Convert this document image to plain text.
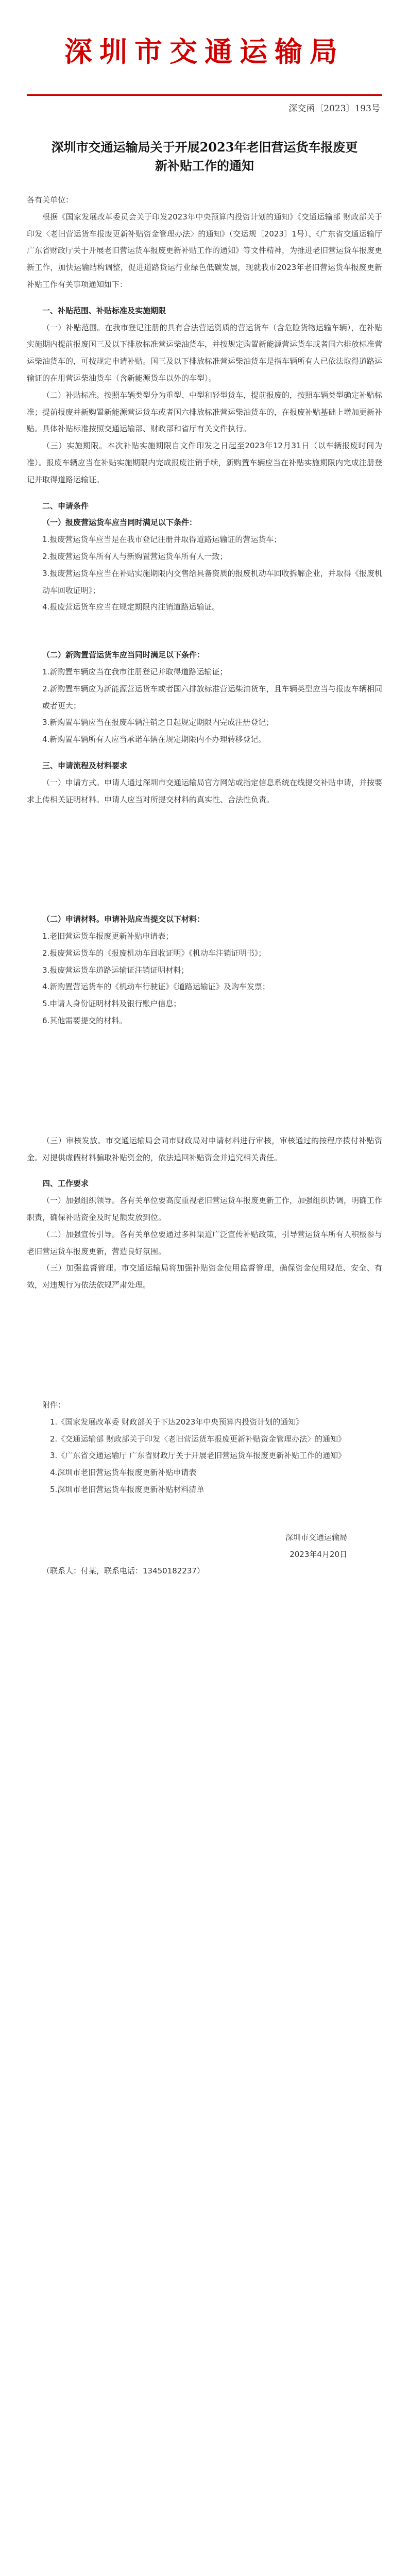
深圳市交通运输局
深交函〔2023〕193号
深圳市交通运输局关于开展2023年老旧营运货车报废更新补贴工作的通知

各有关单位：

根据《国家发展改革委员会关于印发2023年中央预算内投资计划的通知》《交通运输部 财政部关于印发〈老旧营运货车报废更新补贴资金管理办法〉的通知》（交运规〔2023〕1号）、《广东省交通运输厅 广东省财政厅关于开展老旧营运货车报废更新补贴工作的通知》等文件精神，为推进老旧营运货车报废更新工作，加快运输结构调整，促进道路货运行业绿色低碳发展，现就我市2023年老旧营运货车报废更新补贴工作有关事项通知如下：

一、补贴范围、补贴标准及实施期限

（一）补贴范围。在我市登记注册的具有合法营运资质的营运货车（含危险货物运输车辆），在补贴实施期内提前报废国三及以下排放标准营运柴油货车，并按规定购置新能源营运货车或者国六排放标准营运柴油货车的，可按规定申请补贴。国三及以下排放标准营运柴油货车是指车辆所有人已依法取得道路运输证的在用营运柴油货车（含新能源货车以外的车型）。

（二）补贴标准。按照车辆类型分为重型、中型和轻型货车，提前报废的，按照车辆类型确定补贴标准；提前报废并新购置新能源营运货车或者国六排放标准营运柴油货车的，在报废补贴基础上增加更新补贴。具体补贴标准按照交通运输部、财政部和省厅有关文件执行。

（三）实施期限。本次补贴实施期限自文件印发之日起至2023年12月31日（以车辆报废时间为准）。报废车辆应当在补贴实施期限内完成报废注销手续，新购置车辆应当在补贴实施期限内完成注册登记并取得道路运输证。

二、申请条件

（一）报废营运货车应当同时满足以下条件：

1.报废营运货车应当是在我市登记注册并取得道路运输证的营运货车；

2.报废营运货车所有人与新购置营运货车所有人一致；

3.报废营运货车应当在补贴实施期限内交售给具备资质的报废机动车回收拆解企业，并取得《报废机动车回收证明》；

4.报废营运货车应当在规定期限内注销道路运输证。

（二）新购置营运货车应当同时满足以下条件：

1.新购置车辆应当在我市注册登记并取得道路运输证；

2.新购置车辆应为新能源营运货车或者国六排放标准营运柴油货车，且车辆类型应当与报废车辆相同或者更大；

3.新购置车辆应当在报废车辆注销之日起规定期限内完成注册登记；

4.新购置车辆所有人应当承诺车辆在规定期限内不办理转移登记。

三、申请流程及材料要求

（一）申请方式。申请人通过深圳市交通运输局官方网站或指定信息系统在线提交补贴申请，并按要求上传相关证明材料。申请人应当对所提交材料的真实性、合法性负责。

（二）申请材料。申请补贴应当提交以下材料：

1.老旧营运货车报废更新补贴申请表；

2.报废营运货车的《报废机动车回收证明》《机动车注销证明书》；

3.报废营运货车道路运输证注销证明材料；

4.新购置营运货车的《机动车行驶证》《道路运输证》及购车发票；

5.申请人身份证明材料及银行账户信息；

6.其他需要提交的材料。

（三）审核发放。市交通运输局会同市财政局对申请材料进行审核，审核通过的按程序拨付补贴资金。对提供虚假材料骗取补贴资金的，依法追回补贴资金并追究相关责任。

四、工作要求

（一）加强组织领导。各有关单位要高度重视老旧营运货车报废更新工作，加强组织协调，明确工作职责，确保补贴资金及时足额发放到位。

（二）加强宣传引导。各有关单位要通过多种渠道广泛宣传补贴政策，引导营运货车所有人积极参与老旧营运货车报废更新，营造良好氛围。

（三）加强监督管理。市交通运输局将加强补贴资金使用监督管理，确保资金使用规范、安全、有效，对违规行为依法依规严肃处理。

附件：

1.《国家发展改革委 财政部关于下达2023年中央预算内投资计划的通知》

2.《交通运输部 财政部关于印发〈老旧营运货车报废更新补贴资金管理办法〉的通知》

3.《广东省交通运输厅 广东省财政厅关于开展老旧营运货车报废更新补贴工作的通知》

4.深圳市老旧营运货车报废更新补贴申请表

5.深圳市老旧营运货车报废更新补贴材料清单

深圳市交通运输局

2023年4月20日

（联系人：付某，联系电话：13450182237）
